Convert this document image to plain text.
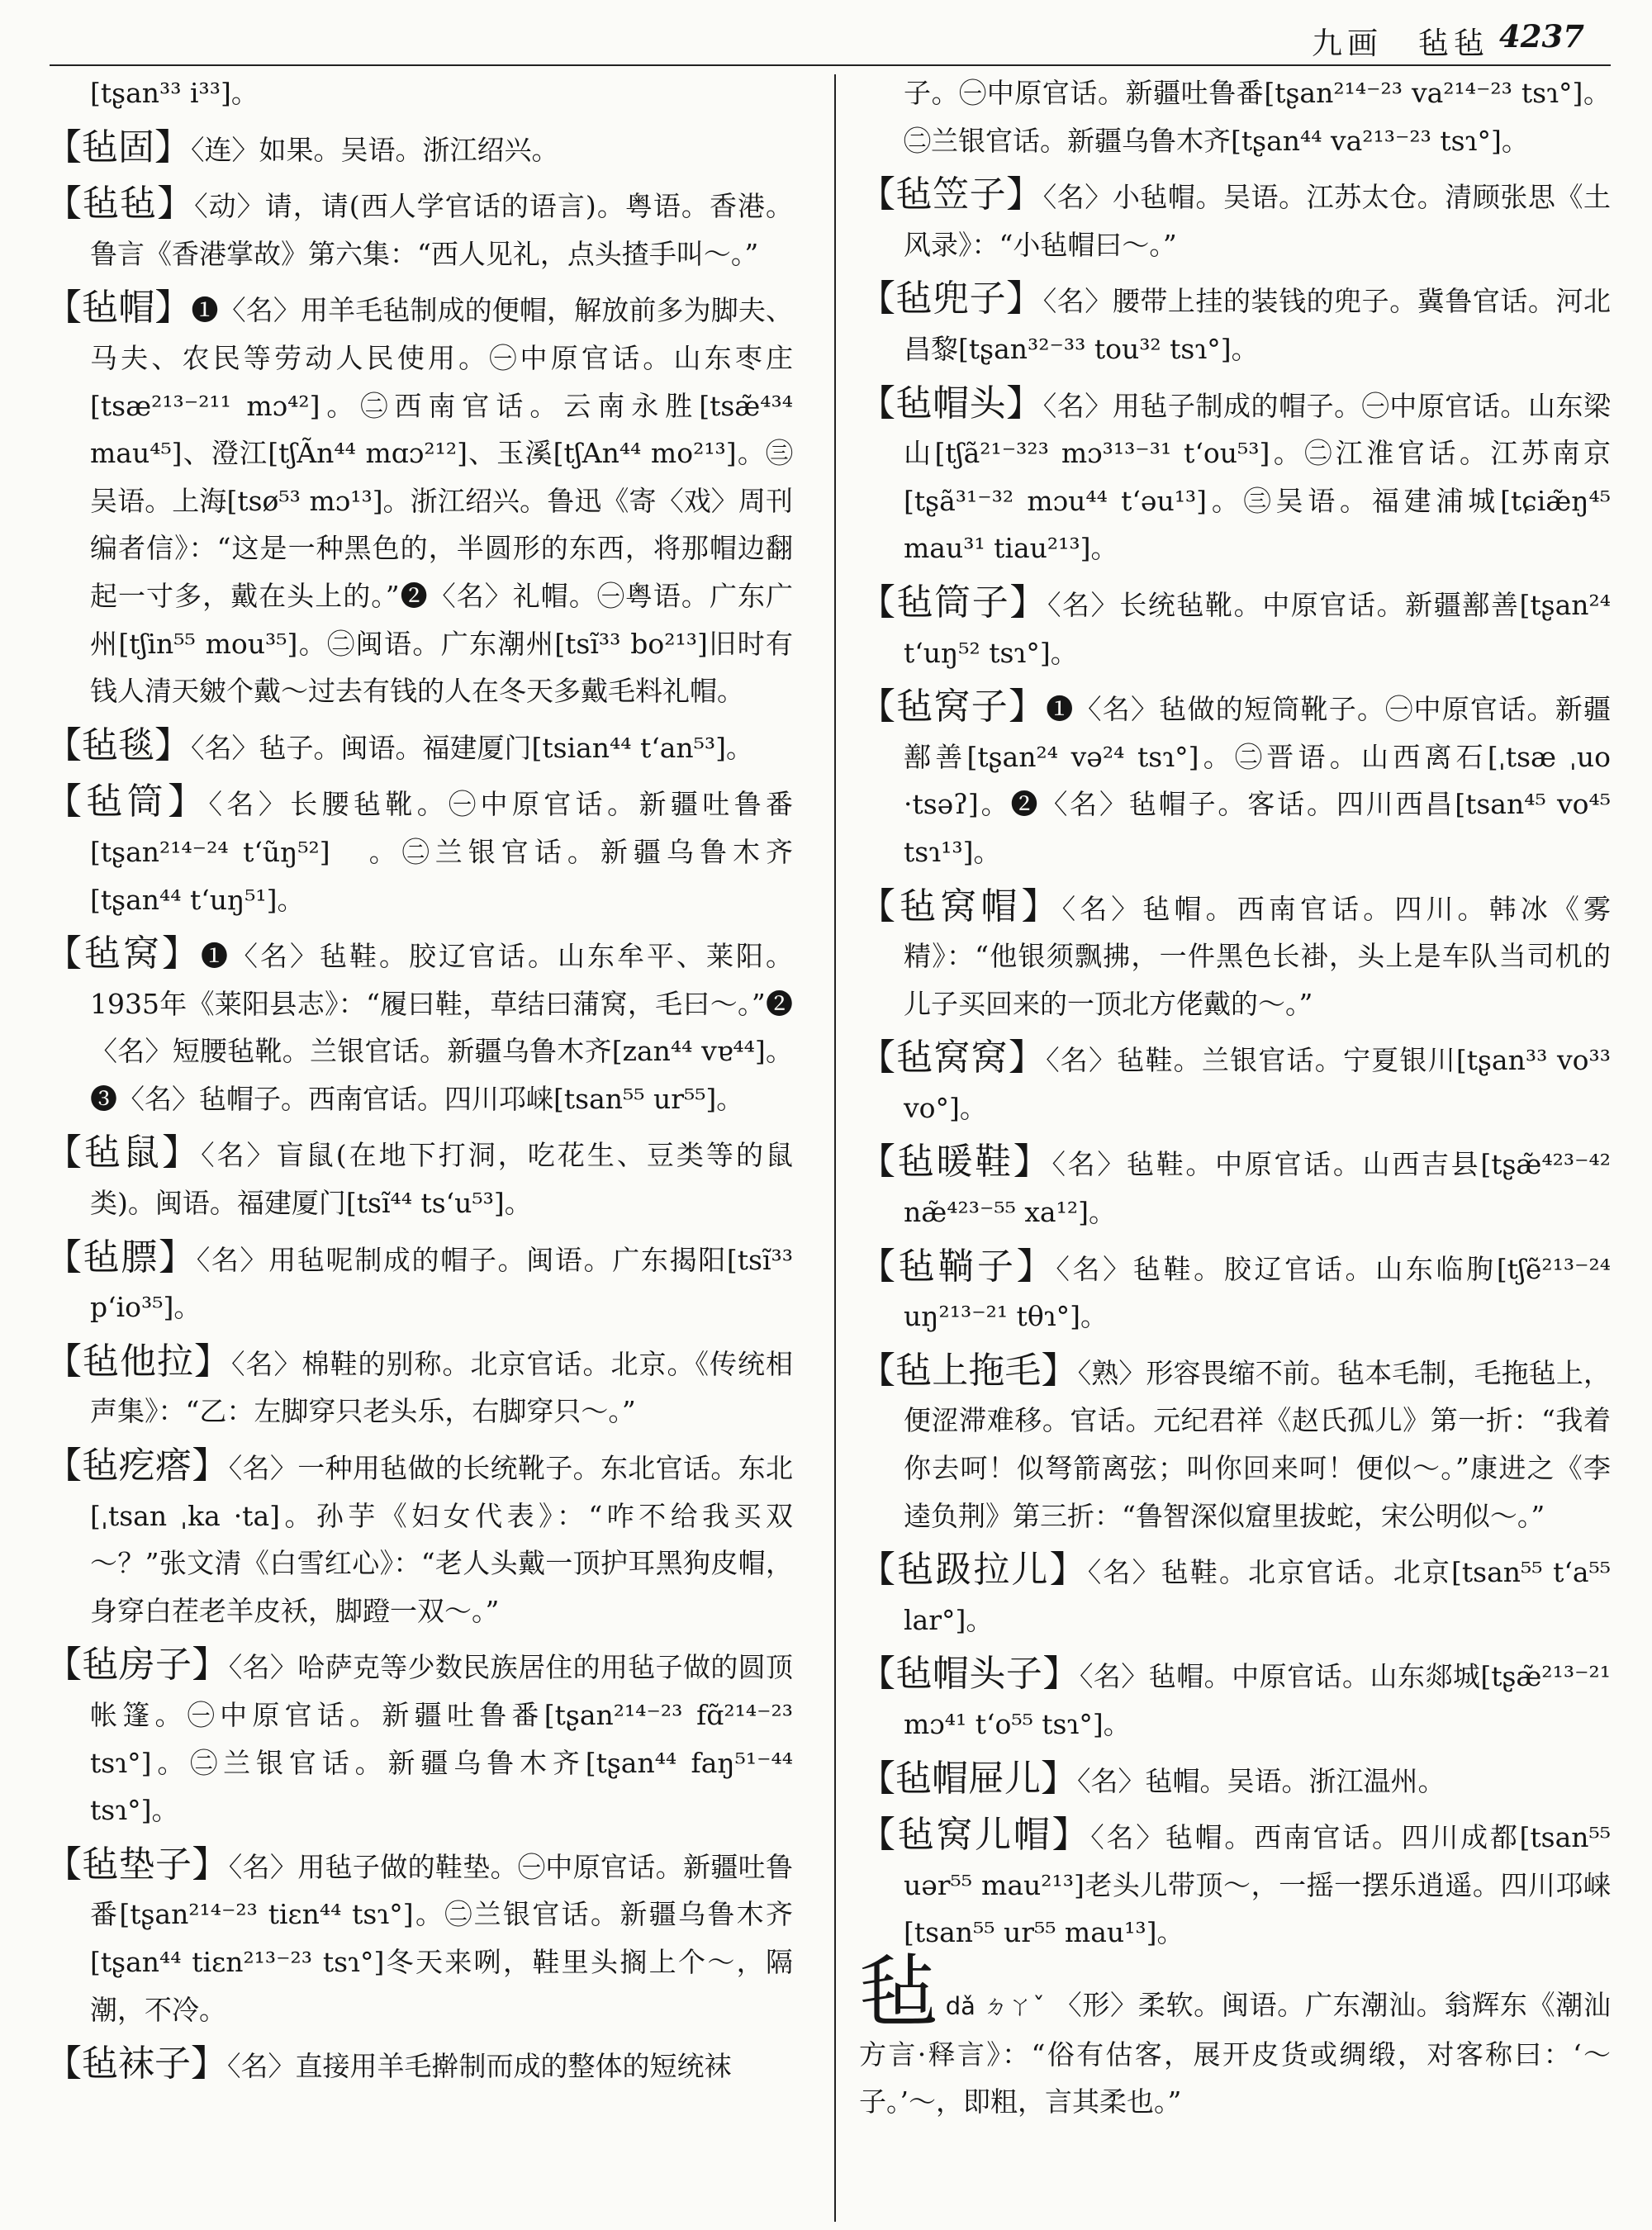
九画　毡毡 4237

[tʂan³³ i³³]。

【毡固】〈连〉如果。吴语。浙江绍兴。

【毡毡】〈动〉请，请(西人学官话的语言)。粤语。香港。鲁言《香港掌故》第六集：“西人见礼，点头揸手叫～。”

【毡帽】❶〈名〉用羊毛毡制成的便帽，解放前多为脚夫、马夫、农民等劳动人民使用。㊀中原官话。山东枣庄[tsæ²¹³⁻²¹¹ mɔ⁴²]。㊁西南官话。云南永胜[tsæ̃⁴³⁴ mau⁴⁵]、澄江[tʃÃn⁴⁴ mɑɔ²¹²]、玉溪[tʃAn⁴⁴ mo²¹³]。㊂吴语。上海[tsø⁵³ mɔ¹³]。浙江绍兴。鲁迅《寄〈戏〉周刊编者信》：“这是一种黑色的，半圆形的东西，将那帽边翻起一寸多，戴在头上的。”❷〈名〉礼帽。㊀粤语。广东广州[tʃin⁵⁵ mou³⁵]。㊁闽语。广东潮州[tsĩ³³ bo²¹³]旧时有钱人清天皴个戴～过去有钱的人在冬天多戴毛料礼帽。

【毡毯】〈名〉毡子。闽语。福建厦门[tsian⁴⁴ t‘an⁵³]。

【毡筒】〈名〉长腰毡靴。㊀中原官话。新疆吐鲁番[tʂan²¹⁴⁻²⁴ t‘ũŋ⁵²]　。㊁兰银官话。新疆乌鲁木齐[tʂan⁴⁴ t‘uŋ⁵¹]。

【毡窝】❶〈名〉毡鞋。胶辽官话。山东牟平、莱阳。1935年《莱阳县志》：“履曰鞋，草结曰蒲窝，毛曰～。”❷〈名〉短腰毡靴。兰银官话。新疆乌鲁木齐[zan⁴⁴ vɐ⁴⁴]。❸〈名〉毡帽子。西南官话。四川邛崃[tsan⁵⁵ ur⁵⁵]。

【毡鼠】〈名〉盲鼠(在地下打洞，吃花生、豆类等的鼠类)。闽语。福建厦门[tsĩ⁴⁴ ts‘u⁵³]。

【毡膘】〈名〉用毡呢制成的帽子。闽语。广东揭阳[tsĩ³³ p‘io³⁵]。

【毡他拉】〈名〉棉鞋的别称。北京官话。北京。《传统相声集》：“乙：左脚穿只老头乐，右脚穿只～。”

【毡疙瘩】〈名〉一种用毡做的长统靴子。东北官话。东北[ˌtsan ˌka ·ta]。孙芋《妇女代表》：“咋不给我买双～？”张文清《白雪红心》：“老人头戴一顶护耳黑狗皮帽，身穿白茬老羊皮袄，脚蹬一双～。”

【毡房子】〈名〉哈萨克等少数民族居住的用毡子做的圆顶帐篷。㊀中原官话。新疆吐鲁番[tʂan²¹⁴⁻²³ fɑ̃²¹⁴⁻²³ tsɿ°]。㊁兰银官话。新疆乌鲁木齐[tʂan⁴⁴ faŋ⁵¹⁻⁴⁴ tsɿ°]。

【毡垫子】〈名〉用毡子做的鞋垫。㊀中原官话。新疆吐鲁番[tʂan²¹⁴⁻²³ tiɛn⁴⁴ tsɿ°]。㊁兰银官话。新疆乌鲁木齐[tʂan⁴⁴ tiɛn²¹³⁻²³ tsɿ°]冬天来咧，鞋里头搁上个～，隔潮，不冷。

【毡袜子】〈名〉直接用羊毛擀制而成的整体的短统袜

子。㊀中原官话。新疆吐鲁番[tʂan²¹⁴⁻²³ va²¹⁴⁻²³ tsɿ°]。㊁兰银官话。新疆乌鲁木齐[tʂan⁴⁴ va²¹³⁻²³ tsɿ°]。

【毡笠子】〈名〉小毡帽。吴语。江苏太仓。清顾张思《土风录》：“小毡帽曰～。”

【毡兜子】〈名〉腰带上挂的装钱的兜子。冀鲁官话。河北昌黎[tʂan³²⁻³³ tou³² tsɿ°]。

【毡帽头】〈名〉用毡子制成的帽子。㊀中原官话。山东梁山[tʃã²¹⁻³²³ mɔ³¹³⁻³¹ t‘ou⁵³]。㊁江淮官话。江苏南京[tʂã³¹⁻³² mɔu⁴⁴ t‘əu¹³]。㊂吴语。福建浦城[tɕiæ̃ŋ⁴⁵ mau³¹ tiau²¹³]。

【毡筒子】〈名〉长统毡靴。中原官话。新疆鄯善[tʂan²⁴ t‘uŋ⁵² tsɿ°]。

【毡窝子】❶〈名〉毡做的短筒靴子。㊀中原官话。新疆鄯善[tʂan²⁴ və²⁴ tsɿ°]。㊁晋语。山西离石[ˌtsæ ˌuo ·tsəʔ]。❷〈名〉毡帽子。客话。四川西昌[tsan⁴⁵ vo⁴⁵ tsɿ¹³]。

【毡窝帽】〈名〉毡帽。西南官话。四川。韩冰《雾精》：“他银须飘拂，一件黑色长褂，头上是车队当司机的儿子买回来的一顶北方佬戴的～。”

【毡窝窝】〈名〉毡鞋。兰银官话。宁夏银川[tʂan³³ vo³³ vo°]。

【毡暖鞋】〈名〉毡鞋。中原官话。山西吉县[tʂæ̃⁴²³⁻⁴² næ̃⁴²³⁻⁵⁵ xa¹²]。

【毡鞝子】〈名〉毡鞋。胶辽官话。山东临朐[tʃẽ²¹³⁻²⁴ uŋ²¹³⁻²¹ tθɿ°]。

【毡上拖毛】〈熟〉形容畏缩不前。毡本毛制，毛拖毡上，便涩滞难移。官话。元纪君祥《赵氏孤儿》第一折：“我着你去呵！似弩箭离弦；叫你回来呵！便似～。”康进之《李逵负荆》第三折：“鲁智深似窟里拔蛇，宋公明似～。”

【毡趿拉儿】〈名〉毡鞋。北京官话。北京[tsan⁵⁵ t‘a⁵⁵ lar°]。

【毡帽头子】〈名〉毡帽。中原官话。山东郯城[tʂæ̃²¹³⁻²¹ mɔ⁴¹ t‘o⁵⁵ tsɿ°]。

【毡帽屉儿】〈名〉毡帽。吴语。浙江温州。

【毡窝儿帽】〈名〉毡帽。西南官话。四川成都[tsan⁵⁵ uər⁵⁵ mau²¹³]老头儿带顶～，一摇一摆乐逍遥。四川邛崃[tsan⁵⁵ ur⁵⁵ mau¹³]。

毡dǎ ㄉㄚˇ 〈形〉柔软。闽语。广东潮汕。翁辉东《潮汕方言·释言》：“俗有估客，展开皮货或绸缎，对客称曰：‘～子。’～，即粗，言其柔也。”
